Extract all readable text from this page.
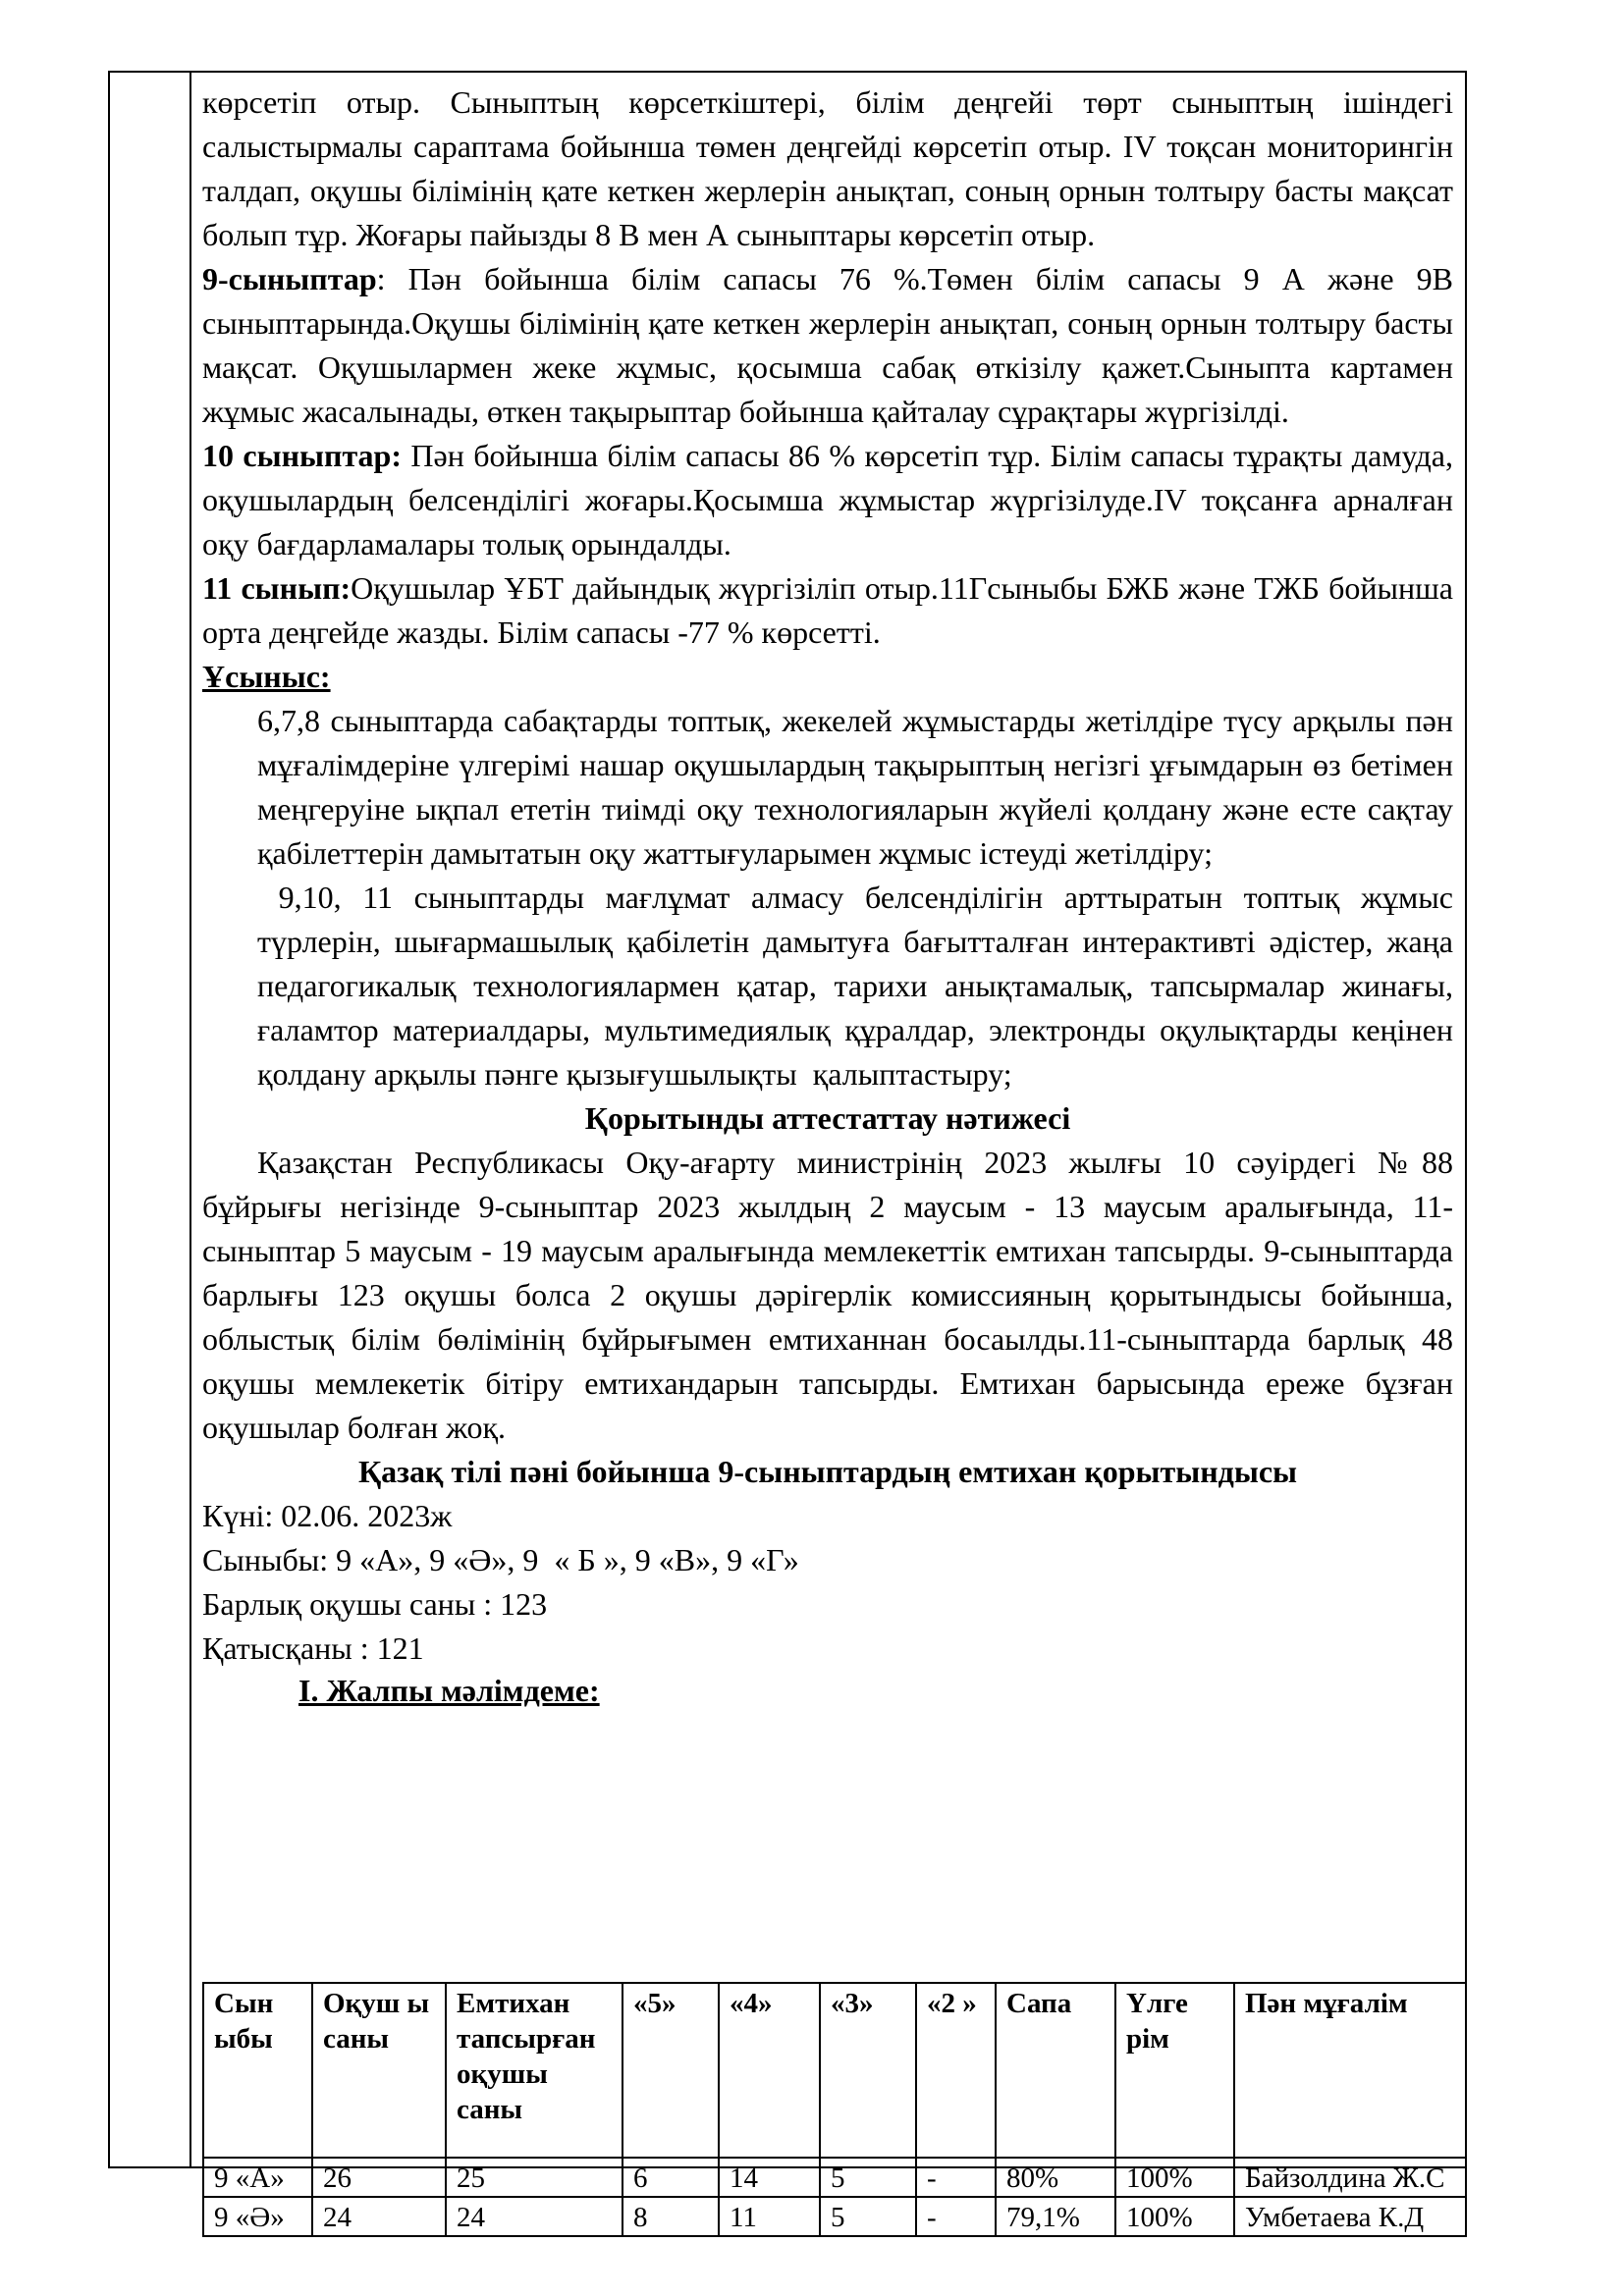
көрсетіп отыр. Сыныптың көрсеткіштері, білім деңгейі төрт сыныптың ішіндегі салыстырмалы сараптама бойынша төмен деңгейді көрсетіп отыр. IV тоқсан мониторингін талдап, оқушы білімінің қате кеткен жерлерін анықтап, соның орнын толтыру басты мақсат болып тұр. Жоғары пайызды 8 В мен А сыныптары көрсетіп отыр.

9-сыныптар: Пән бойынша білім сапасы 76 %.Төмен білім сапасы 9 А және 9В сыныптарында.Оқушы білімінің қате кеткен жерлерін анықтап, соның орнын толтыру басты мақсат. Оқушылармен жеке жұмыс, қосымша сабақ өткізілу қажет.Сыныпта картамен жұмыс жасалынады, өткен тақырыптар бойынша қайталау сұрақтары жүргізілді.

10 сыныптар: Пән бойынша білім сапасы 86 % көрсетіп тұр. Білім сапасы тұрақты дамуда, оқушылардың белсенділігі жоғары.Қосымша жұмыстар жүргізілуде.IV тоқсанға арналған оқу бағдарламалары толық орындалды.

11 сынып:Оқушылар ҰБТ дайындық жүргізіліп отыр.11Гсыныбы БЖБ және ТЖБ бойынша орта деңгейде жазды. Білім сапасы -77 % көрсетті.

Ұсыныс:

6,7,8 сыныптарда сабақтарды топтық, жекелей жұмыстарды жетілдіре түсу арқылы пән мұғалімдеріне үлгерімі нашар оқушылардың тақырыптың негізгі ұғымдарын өз бетімен меңгеруіне ықпал ететін тиімді оқу технологияларын жүйелі қолдану және есте сақтау қабілеттерін дамытатын оқу жаттығуларымен жұмыс істеуді жетілдіру;

9,10, 11 сыныптарды мағлұмат алмасу белсенділігін арттыратын топтық жұмыс түрлерін, шығармашылық қабілетін дамытуға бағытталған интерактивті әдістер, жаңа педагогикалық технологиялармен қатар, тарихи анықтамалық, тапсырмалар жинағы, ғаламтор материалдары, мультимедиялық құралдар, электронды оқулықтарды кеңінен қолдану арқылы пәнге қызығушылықты  қалыптастыру;

Қорытынды аттестаттау нәтижесі

Қазақстан Республикасы Оқу-ағарту министрінің 2023 жылғы 10 сәуірдегі №88 бұйрығы негізінде 9-сыныптар 2023 жылдың 2 маусым - 13 маусым аралығында, 11-сыныптар 5 маусым - 19 маусым аралығында мемлекеттік емтихан тапсырды. 9-сыныптарда барлығы 123 оқушы болса 2 оқушы дәрігерлік комиссияның қорытындысы бойынша, облыстық білім бөлімінің бұйрығымен емтиханнан босаылды.11-сыныптарда барлық 48 оқушы мемлекетік бітіру емтихандарын тапсырды. Емтихан барысында ереже бұзған оқушылар болған жоқ.

Қазақ тілі пәні бойынша 9-сыныптардың емтихан қорытындысы

Күні: 02.06. 2023ж

Сыныбы: 9 «А», 9 «Ә», 9  « Б », 9 «В», 9 «Г»

Барлық оқушы саны : 123

Қатысқаны : 121

I. Жалпы мәлімдеме:

Сын ыбы	Оқуш ы саны	Емтихан тапсырған оқушы саны	«5»	«4»	«3»	«2 »	Сапа	Үлге рім	Пән мұғалім
9 «А»	26	25	6	14	5	-	80%	100%	Байзолдина Ж.С
9 «Ә»	24	24	8	11	5	-	79,1%	100%	Умбетаева К.Д
